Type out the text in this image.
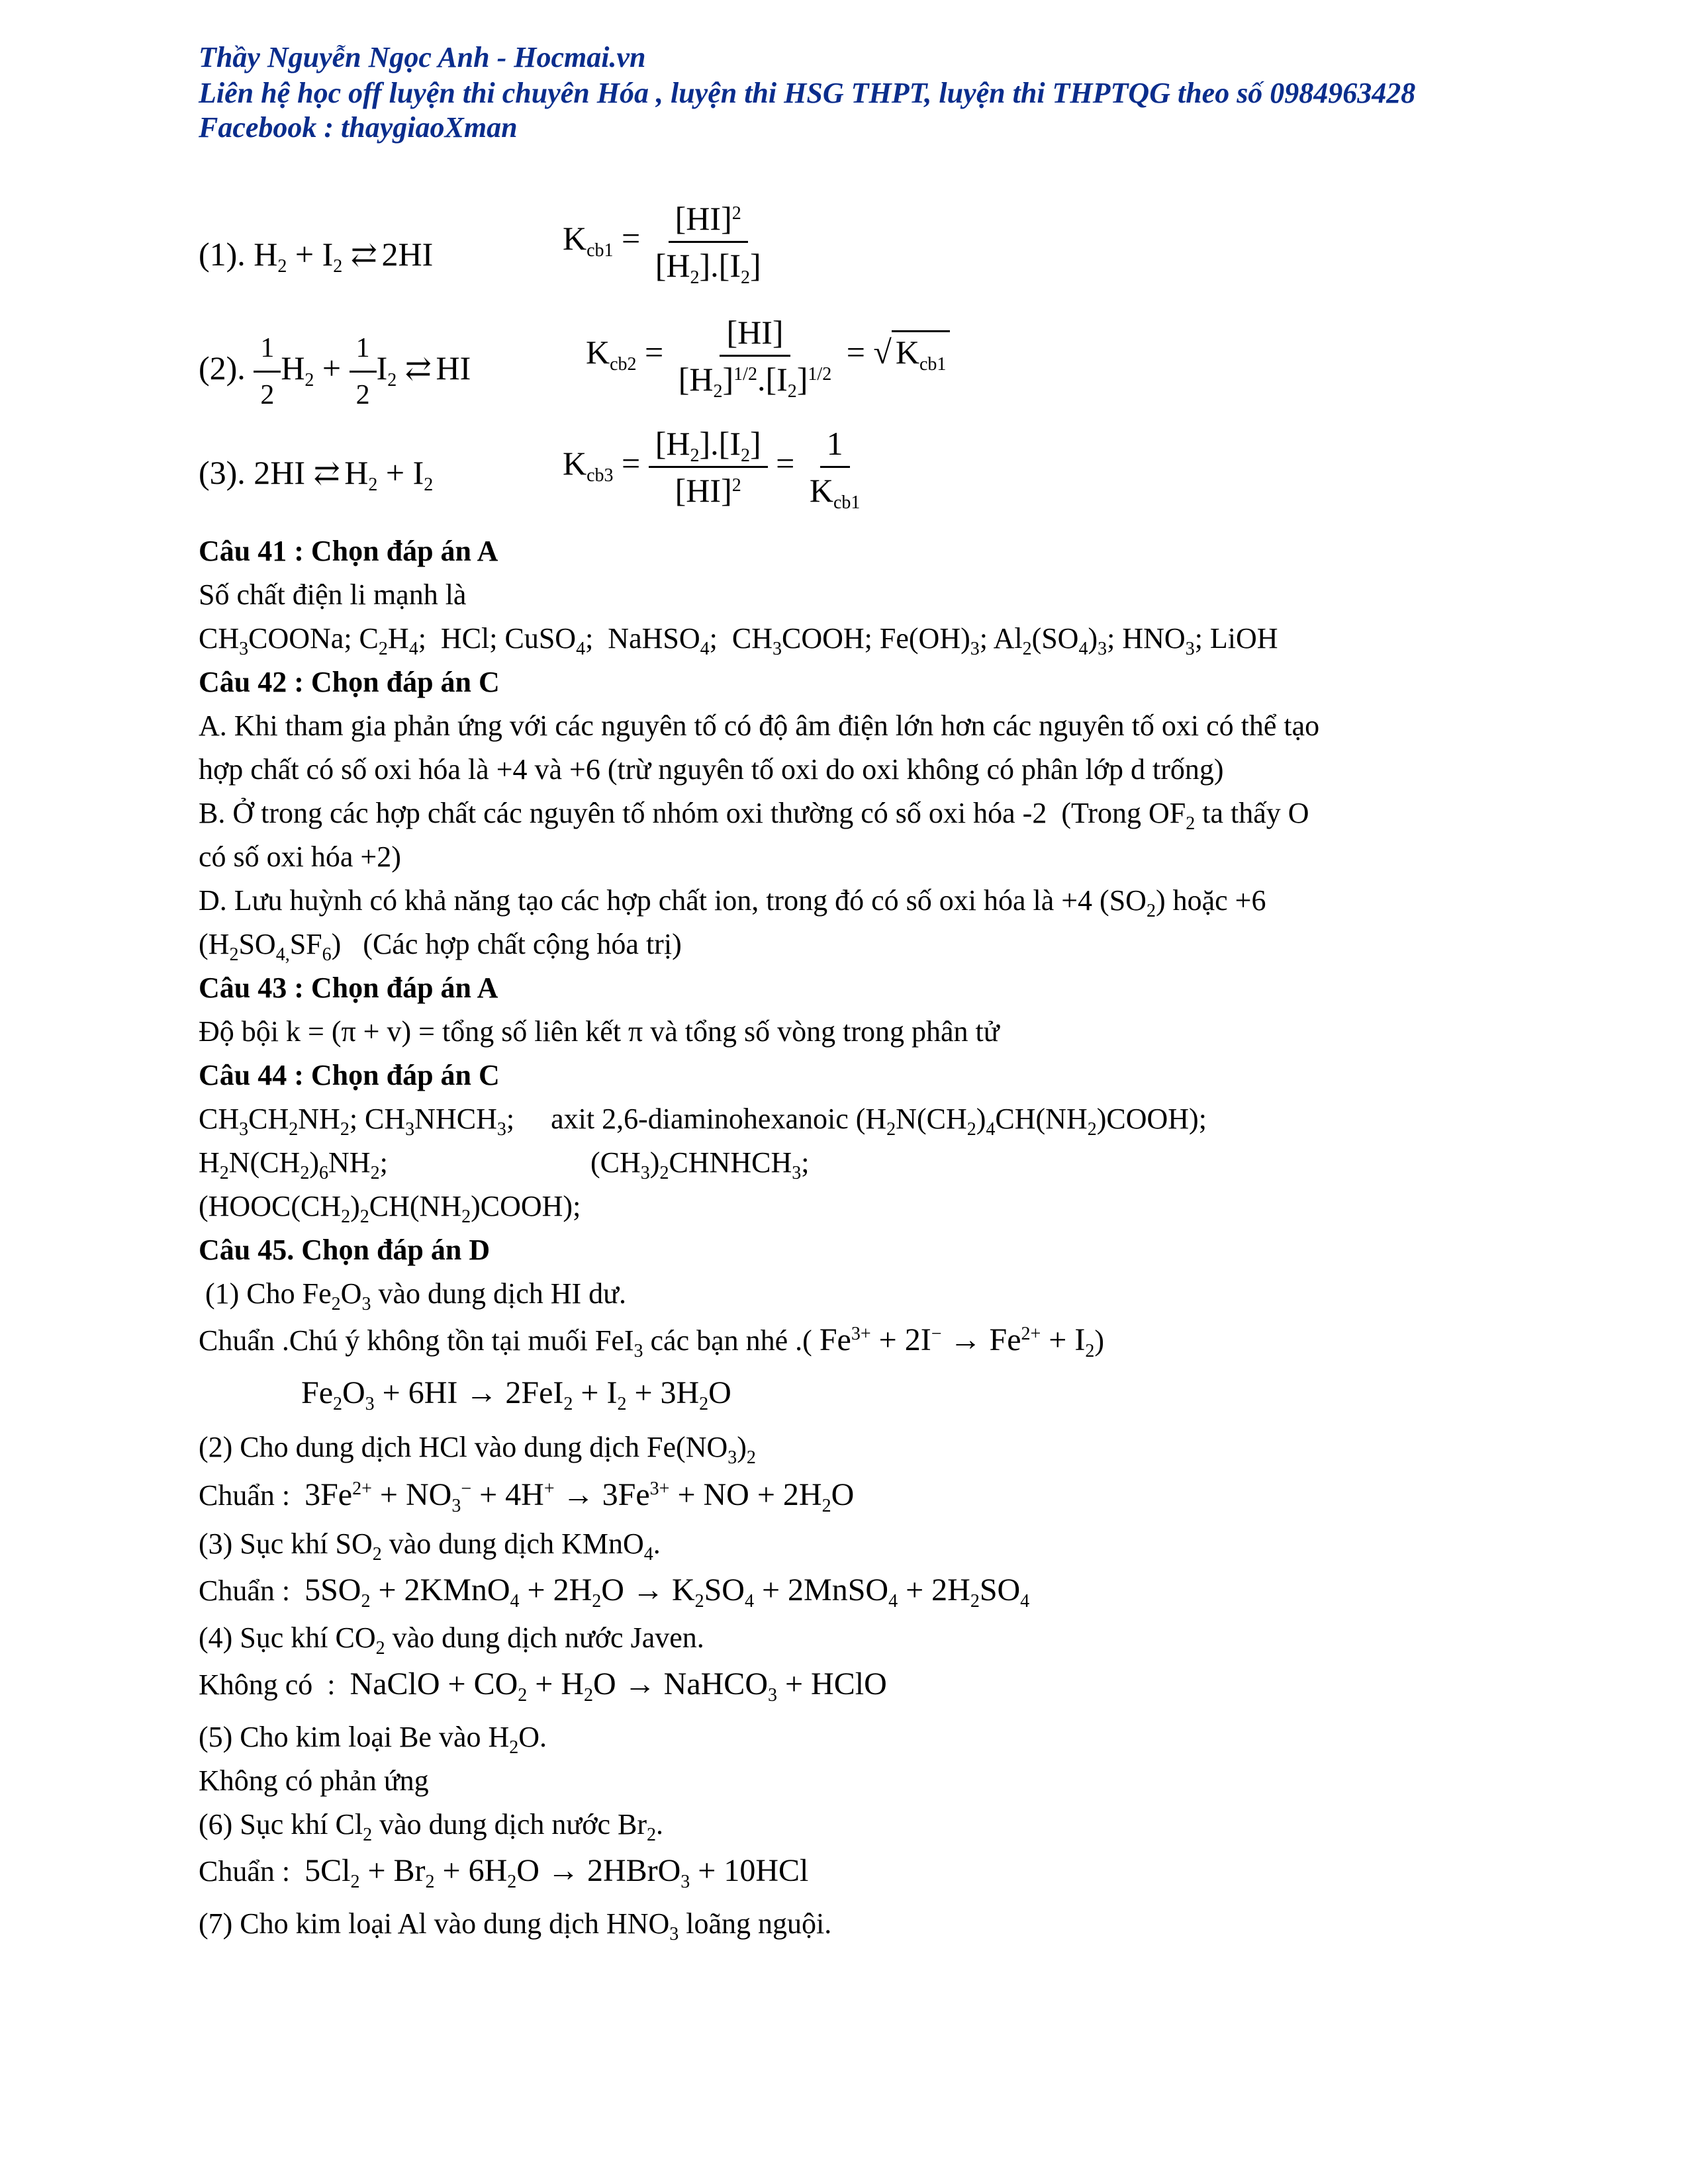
Thầy Nguyễn Ngọc Anh - Hocmai.vn
Liên hệ học off luyện thi chuyên Hóa , luyện thi HSG THPT, luyện thi THPTQG theo số 0984963428
Facebook : thaygiaoXman
(1). $H_2 + I_2$ ⇄ 2HI	$K_{cb1} = \frac{[HI]^2}{[H_2].[I_2]}$
(2). $\frac{1}{2} H_2 + \frac{1}{2} I_2$ ⇄ HI	$K_{cb2} = \frac{[HI]}{[H_2]^{1/2}.[I_2]^{1/2}}$ = √ $K_{cb1}$
(3). 2HI ⇄ $H_2 + I_2$
$K_{cb3} = \frac{[H_2].[I_2]}{[HI]^2} = \frac{1}{K_{cb1}}$
Câu 41 : Chọn đáp án A
Số chất điện li mạnh là
$CH_3COONa$; $C_2H_4$;  HCl; CuSO$_4$;  NaHSO$_4$;  $CH_3COOH$; $Fe(OH)_3$; $Al_2(SO_4)_3$; $HNO_3$; LiOH
Câu 42 : Chọn đáp án C
A. Khi tham gia phản ứng với các nguyên tố có độ âm điện lớn hơn các nguyên tố oxi có thể tạo
hợp chất có số oxi hóa là +4 và +6 (trừ nguyên tố oxi do oxi không có phân lớp d trống)
B. Ở trong các hợp chất các nguyên tố nhóm oxi thường có số oxi hóa -2  (Trong $OF_2$ ta thấy O
có số oxi hóa +2)
D. Lưu huỳnh có khả năng tạo các hợp chất ion, trong đó có số oxi hóa là +4 $(SO_2)$ hoặc +6
$(H_2SO_{4,}SF_6)$   (Các hợp chất cộng hóa trị)
Câu 43 : Chọn đáp án A
Độ bội k = (π + v) = tổng số liên kết π và tổng số vòng trong phân tử
Câu 44 : Chọn đáp án C
$CH_3CH_2NH_2$; $CH_3NHCH_3$;     axit 2,6-diaminohexanoic $(H_2N(CH_2)_4CH(NH_2)COOH)$;
$H_2N(CH_2)_6NH_2$;	$(CH_3)_2CHNHCH_3$;
$(HOOC(CH_2)_2CH(NH_2)COOH)$;
Câu 45. Chọn đáp án D
(1) Cho $Fe_2O_3$ vào dung dịch HI dư.
Chuẩn .Chú ý không tồn tại muối FeI$_3$ các bạn nhé .( $Fe^{3+} + 2I^- \to Fe^{2+} + I_2$)
$Fe_2O_3 + 6HI \to 2FeI_2 + I_2 + 3H_2O$
(2) Cho dung dịch HCl vào dung dịch $Fe(NO_3)_2$
Chuẩn :  $3Fe^{2+} + NO_3^- + 4H^+ \to 3Fe^{3+}$ + NO + $2H_2O$
(3) Sục khí $SO_2$ vào dung dịch KMnO$_4$.
Chuẩn :  $5SO_2$ + 2KMnO$_4$ + $2H_2O \to K_2SO_4$ + 2MnSO$_4$ + $2H_2SO_4$
(4) Sục khí $CO_2$ vào dung dịch nước Javen.
Không có  :  NaClO + $CO_2 + H_2O$ → NaHCO$_3$ + HClO
(5) Cho kim loại Be vào $H_2O$.
Không có phản ứng
(6) Sục khí $Cl_2$ vào dung dịch nước $Br_2$.
Chuẩn :  $5Cl_2 + Br_2 + 6H_2O$ → 2HBrO$_3$ + 10HCl
(7) Cho kim loại Al vào dung dịch $HNO_3$ loãng nguội.
